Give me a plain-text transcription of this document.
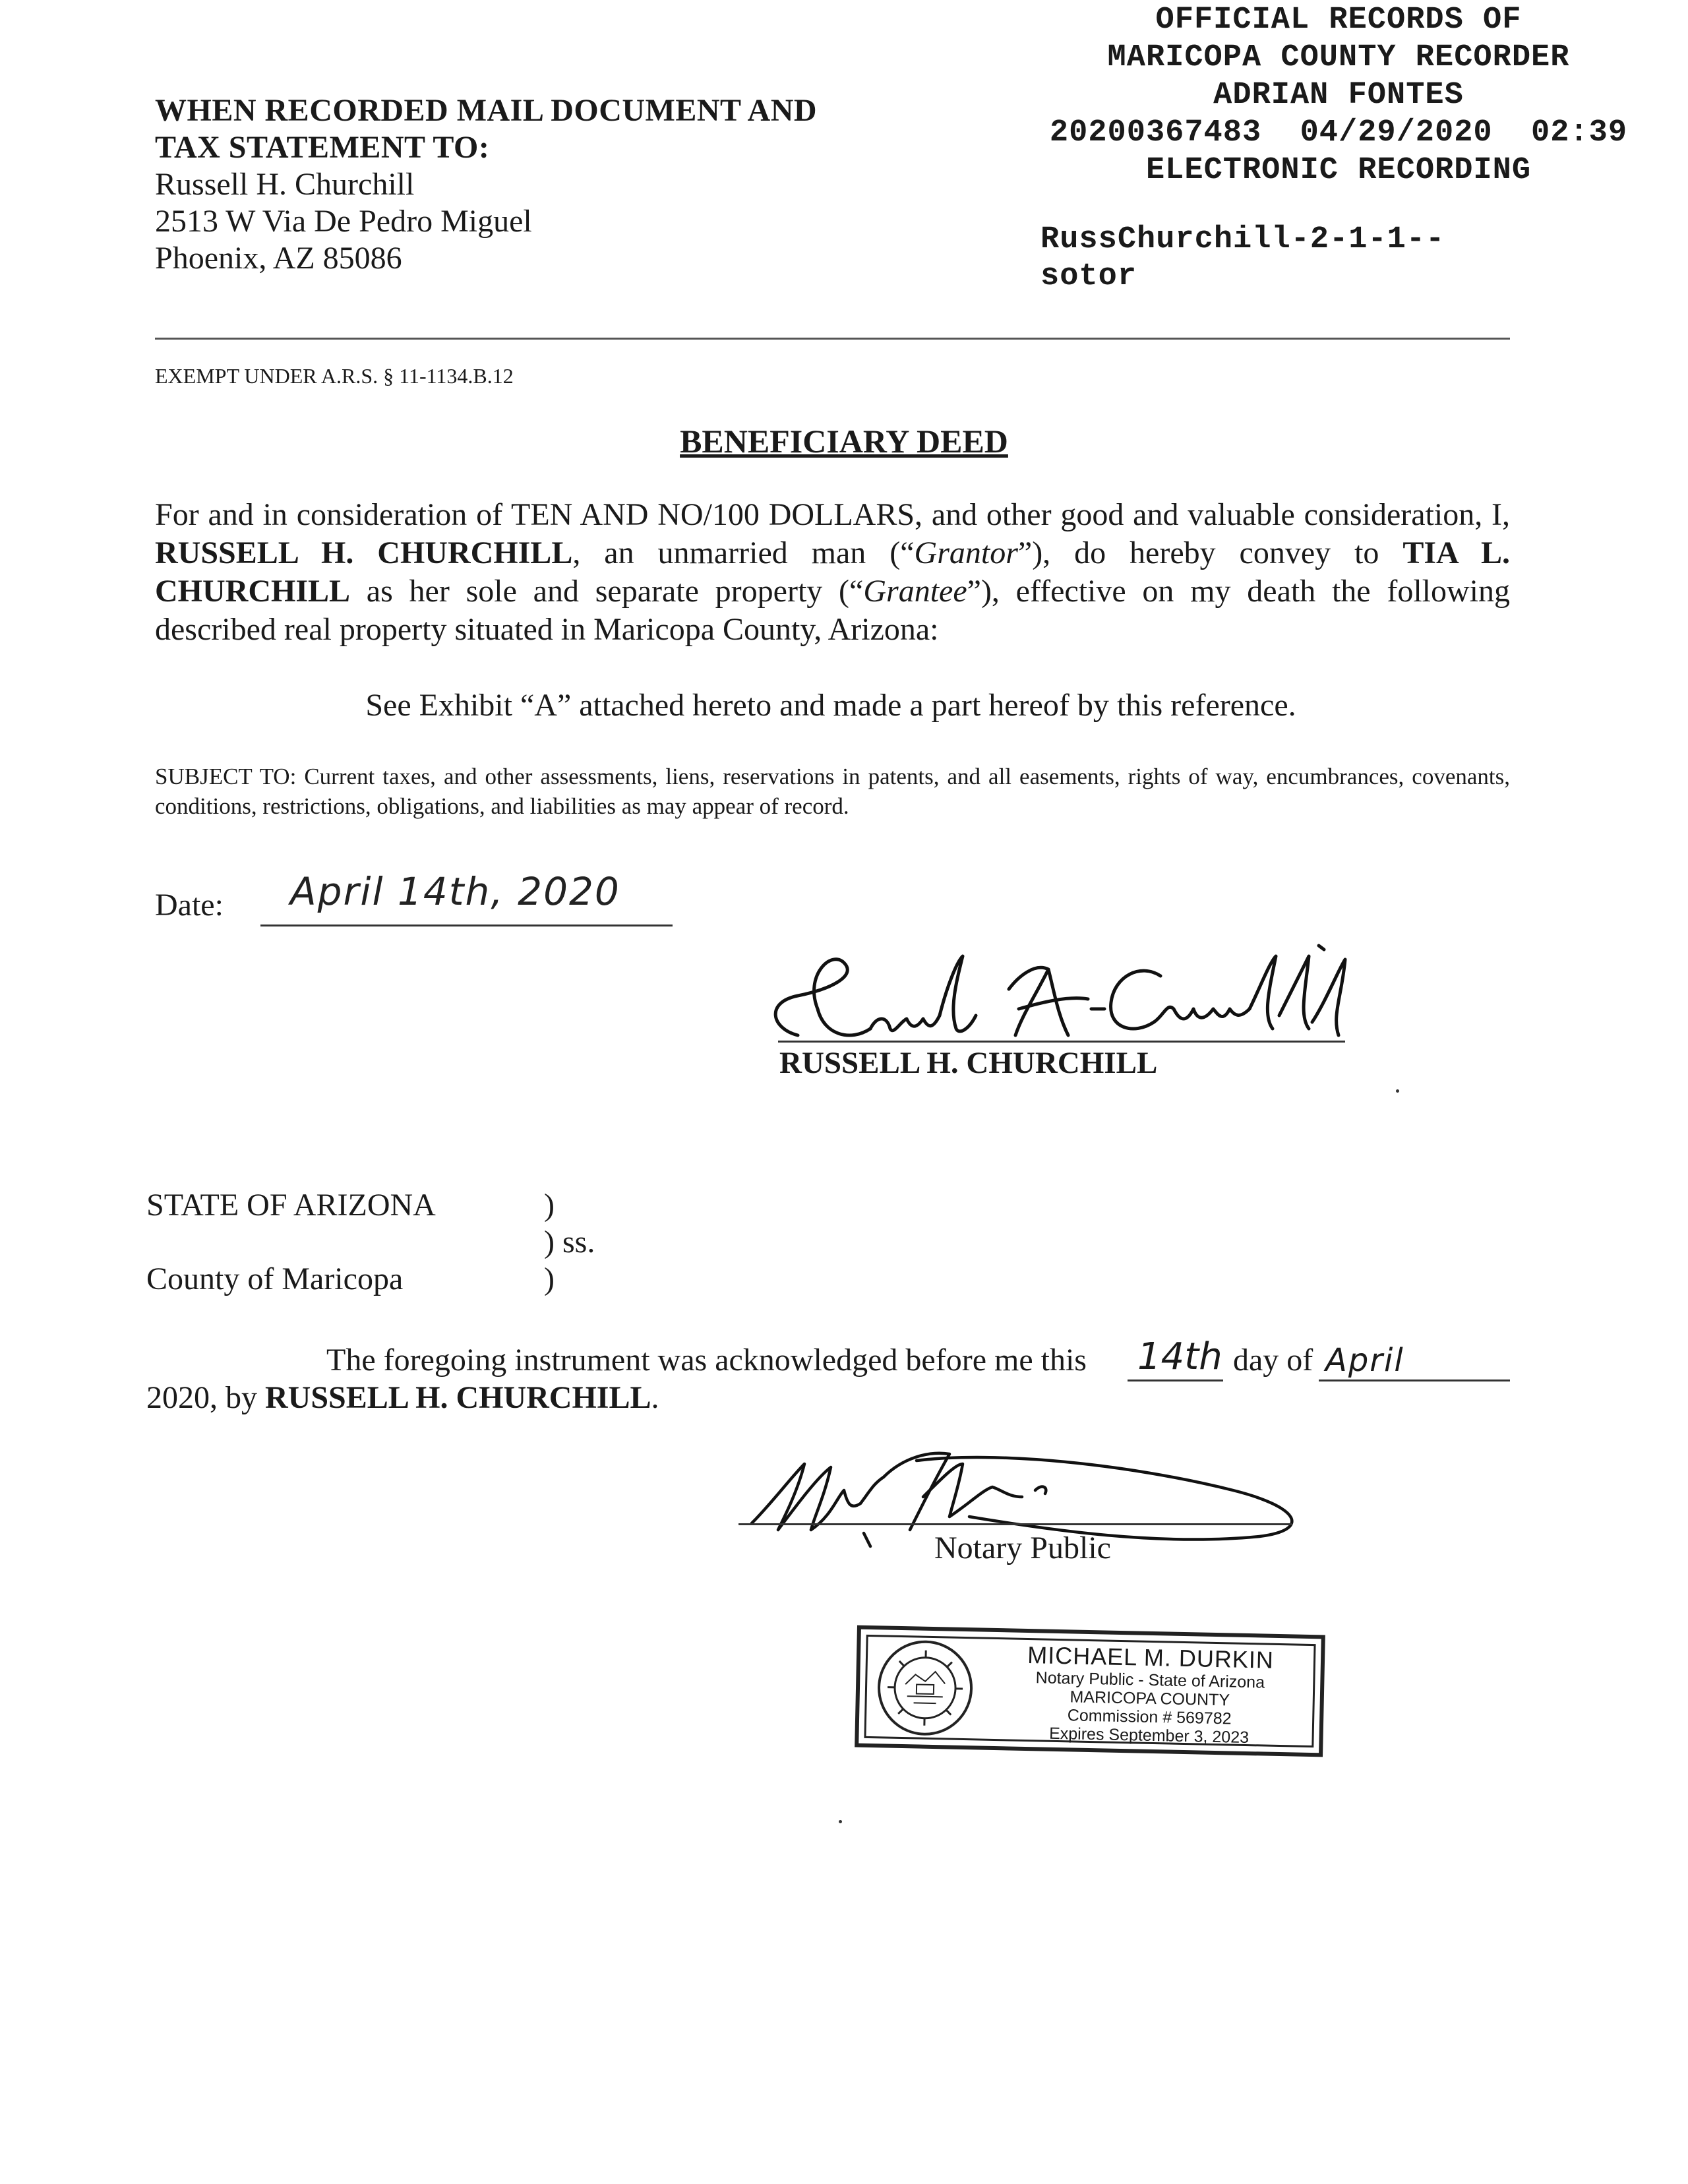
OFFICIAL RECORDS OF
MARICOPA COUNTY RECORDER
ADRIAN FONTES
20200367483  04/29/2020  02:39
ELECTRONIC RECORDING
RussChurchill-2-1-1--
sotor
WHEN RECORDED MAIL DOCUMENT AND
TAX STATEMENT TO:
Russell H. Churchill
2513 W Via De Pedro Miguel
Phoenix, AZ 85086
EXEMPT UNDER A.R.S. § 11-1134.B.12
BENEFICIARY DEED
For and in consideration of TEN AND NO/100 DOLLARS, and other good and valuable consideration, I, RUSSELL H. CHURCHILL, an unmarried man (“Grantor”), do hereby convey to TIA L. CHURCHILL as her sole and separate property (“Grantee”), effective on my death the following described real property situated in Maricopa County, Arizona:
See Exhibit “A” attached hereto and made a part hereof by this reference.
SUBJECT TO: Current taxes, and other assessments, liens, reservations in patents, and all easements, rights of way, encumbrances, covenants, conditions, restrictions, obligations, and liabilities as may appear of record.
Date: April 14th, 2020
RUSSELL H. CHURCHILL
STATE OF ARIZONA
County of Maricopa
)
) ss.
)
The foregoing instrument was acknowledged before me this 14th day of April
2020, by RUSSELL H. CHURCHILL.
Notary Public
MICHAEL M. DURKIN
Notary Public - State of Arizona
MARICOPA COUNTY
Commission # 569782
Expires September 3, 2023
